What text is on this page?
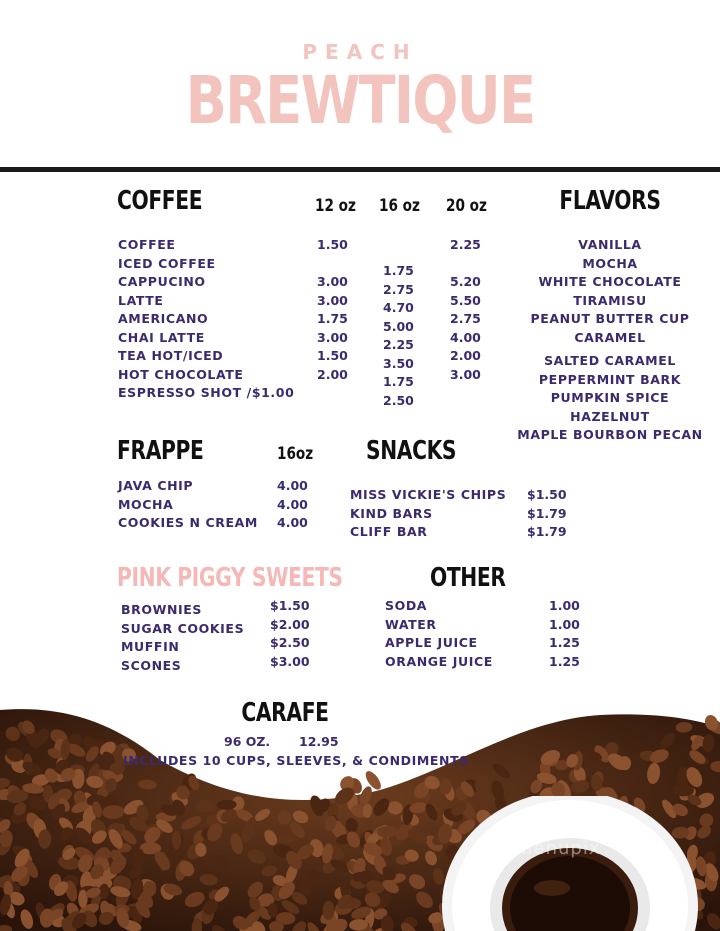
PEACH
BREWTIQUE
COFFEE	12 oz 16 oz 20 oz
COFFEE
ICED COFFEE
CAPPUCINO
LATTE
AMERICANO
CHAI LATTE
TEA HOT/ICED
HOT CHOCOLATE
ESPRESSO SHOT /$1.00
1.50
3.00
3.00
1.75
3.00
1.50
2.00
1.75
2.75
4.70
5.00
2.25
3.50
1.75
2.50
2.25
5.20
5.50
2.75
4.00
2.00
3.00
FLAVORS
VANILLA
MOCHA
WHITE CHOCOLATE
TIRAMISU
PEANUT BUTTER CUP
CARAMEL
SALTED CARAMEL
PEPPERMINT BARK
PUMPKIN SPICE
HAZELNUT
MAPLE BOURBON PECAN
FRAPPE	16oz
JAVA CHIP
MOCHA
COOKIES N CREAM
4.00
4.00
4.00
SNACKS
MISS VICKIE'S CHIPS
KIND BARS
CLIFF BAR
$1.50
$1.79
$1.79
PINK PIGGY SWEETS
BROWNIES
SUGAR COOKIES
MUFFIN
SCONES
$1.50
$2.00
$2.50
$3.00
OTHER
SODA
WATER
APPLE JUICE
ORANGE JUICE
1.00
1.00
1.25
1.25
CARAFE
96 OZ. 12.95
INCLUDES 10 CUPS, SLEEVES, & CONDIMENTS
menupix
